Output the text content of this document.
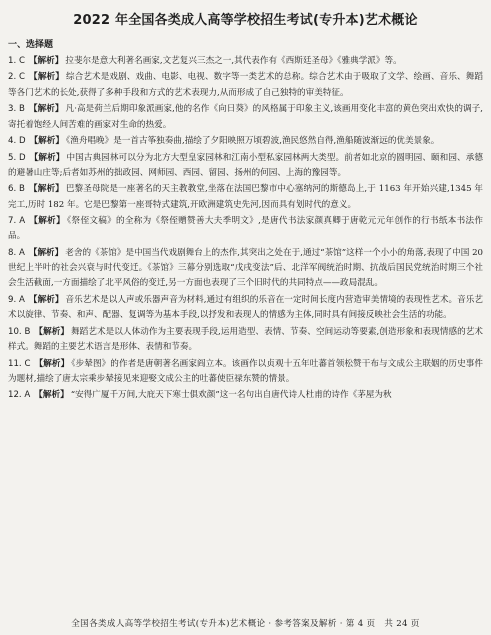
2022 年全国各类成人高等学校招生考试(专升本)艺术概论
一、选择题
1. C 【解析】 拉斐尔是意大利著名画家,文艺复兴三杰之一,其代表作有《西斯廷圣母》《雅典学派》等。
2. C 【解析】 综合艺术是戏剧、戏曲、电影、电视、数字等一类艺术的总称。综合艺术由于吸取了文学、绘画、音乐、舞蹈等各门艺术的长处,获得了多种手段和方式的艺术表现力,从而形成了自己独特的审美特征。
3. B 【解析】 凡·高是荷兰后期印象派画家,他的名作《向日葵》的风格属于印象主义,该画用变化丰富的黄色突出欢快的调子,寄托着饱经人间苦难的画家对生命的热爱。
4. D 【解析】 《渔舟唱晚》是一首古筝独奏曲,描绘了夕阳映照万顷碧波,渔民悠然自得,渔船随波渐远的优美景象。
5. D 【解析】 中国古典园林可以分为北方大型皇家园林和江南小型私家园林两大类型。前者如北京的圆明园、颐和园、承德的避暑山庄等;后者如苏州的拙政园、网师园、西园、留园、扬州的何园、上海的豫园等。
6. B 【解析】 巴黎圣母院是一座著名的天主教教堂,坐落在法国巴黎市中心塞纳河的斯德岛上,于 1163 年开始兴建,1345 年完工,历时 182 年。它是巴黎第一座哥特式建筑,开欧洲建筑史先河,因而具有划时代的意义。
7. A 【解析】 《祭侄文稿》的全称为《祭侄赠赞善大夫季明文》,是唐代书法家颜真卿于唐乾元元年创作的行书纸本书法作品。
8. A 【解析】 老舍的《茶馆》是中国当代戏剧舞台上的杰作,其突出之处在于,通过“茶馆”这样一个小小的角落,表现了中国 20 世纪上半叶的社会兴衰与时代变迁。《茶馆》三幕分别选取“戊戌变法”后、北洋军阀统治时期、抗战后国民党统治时期三个社会生活截面,一方面描绘了北平风俗的变迁,另一方面也表现了三个旧时代的共同特点——政局混乱。
9. A 【解析】 音乐艺术是以人声或乐器声音为材料,通过有组织的乐音在一定时间长度内营造审美情境的表现性艺术。音乐艺术以旋律、节奏、和声、配器、复调等为基本手段,以抒发和表现人的情感为主体,同时具有间接反映社会生活的功能。
10. B 【解析】 舞蹈艺术是以人体动作为主要表现手段,运用造型、表情、节奏、空间运动等要素,创造形象和表现情感的艺术样式。舞蹈的主要艺术语言是形体、表情和节奏。
11. C 【解析】 《步辇图》的作者是唐朝著名画家阎立本。该画作以贞观十五年吐蕃首领松赞干布与文成公主联姻的历史事件为题材,描绘了唐太宗乘步辇接见来迎娶文成公主的吐蕃使臣禄东赞的情景。
12. A 【解析】 “安得广厦千万间,大庇天下寒士俱欢颜”这一名句出自唐代诗人杜甫的诗作《茅屋为秋
全国各类成人高等学校招生考试(专升本)艺术概论 · 参考答案及解析 · 第 4 页　共 24 页
